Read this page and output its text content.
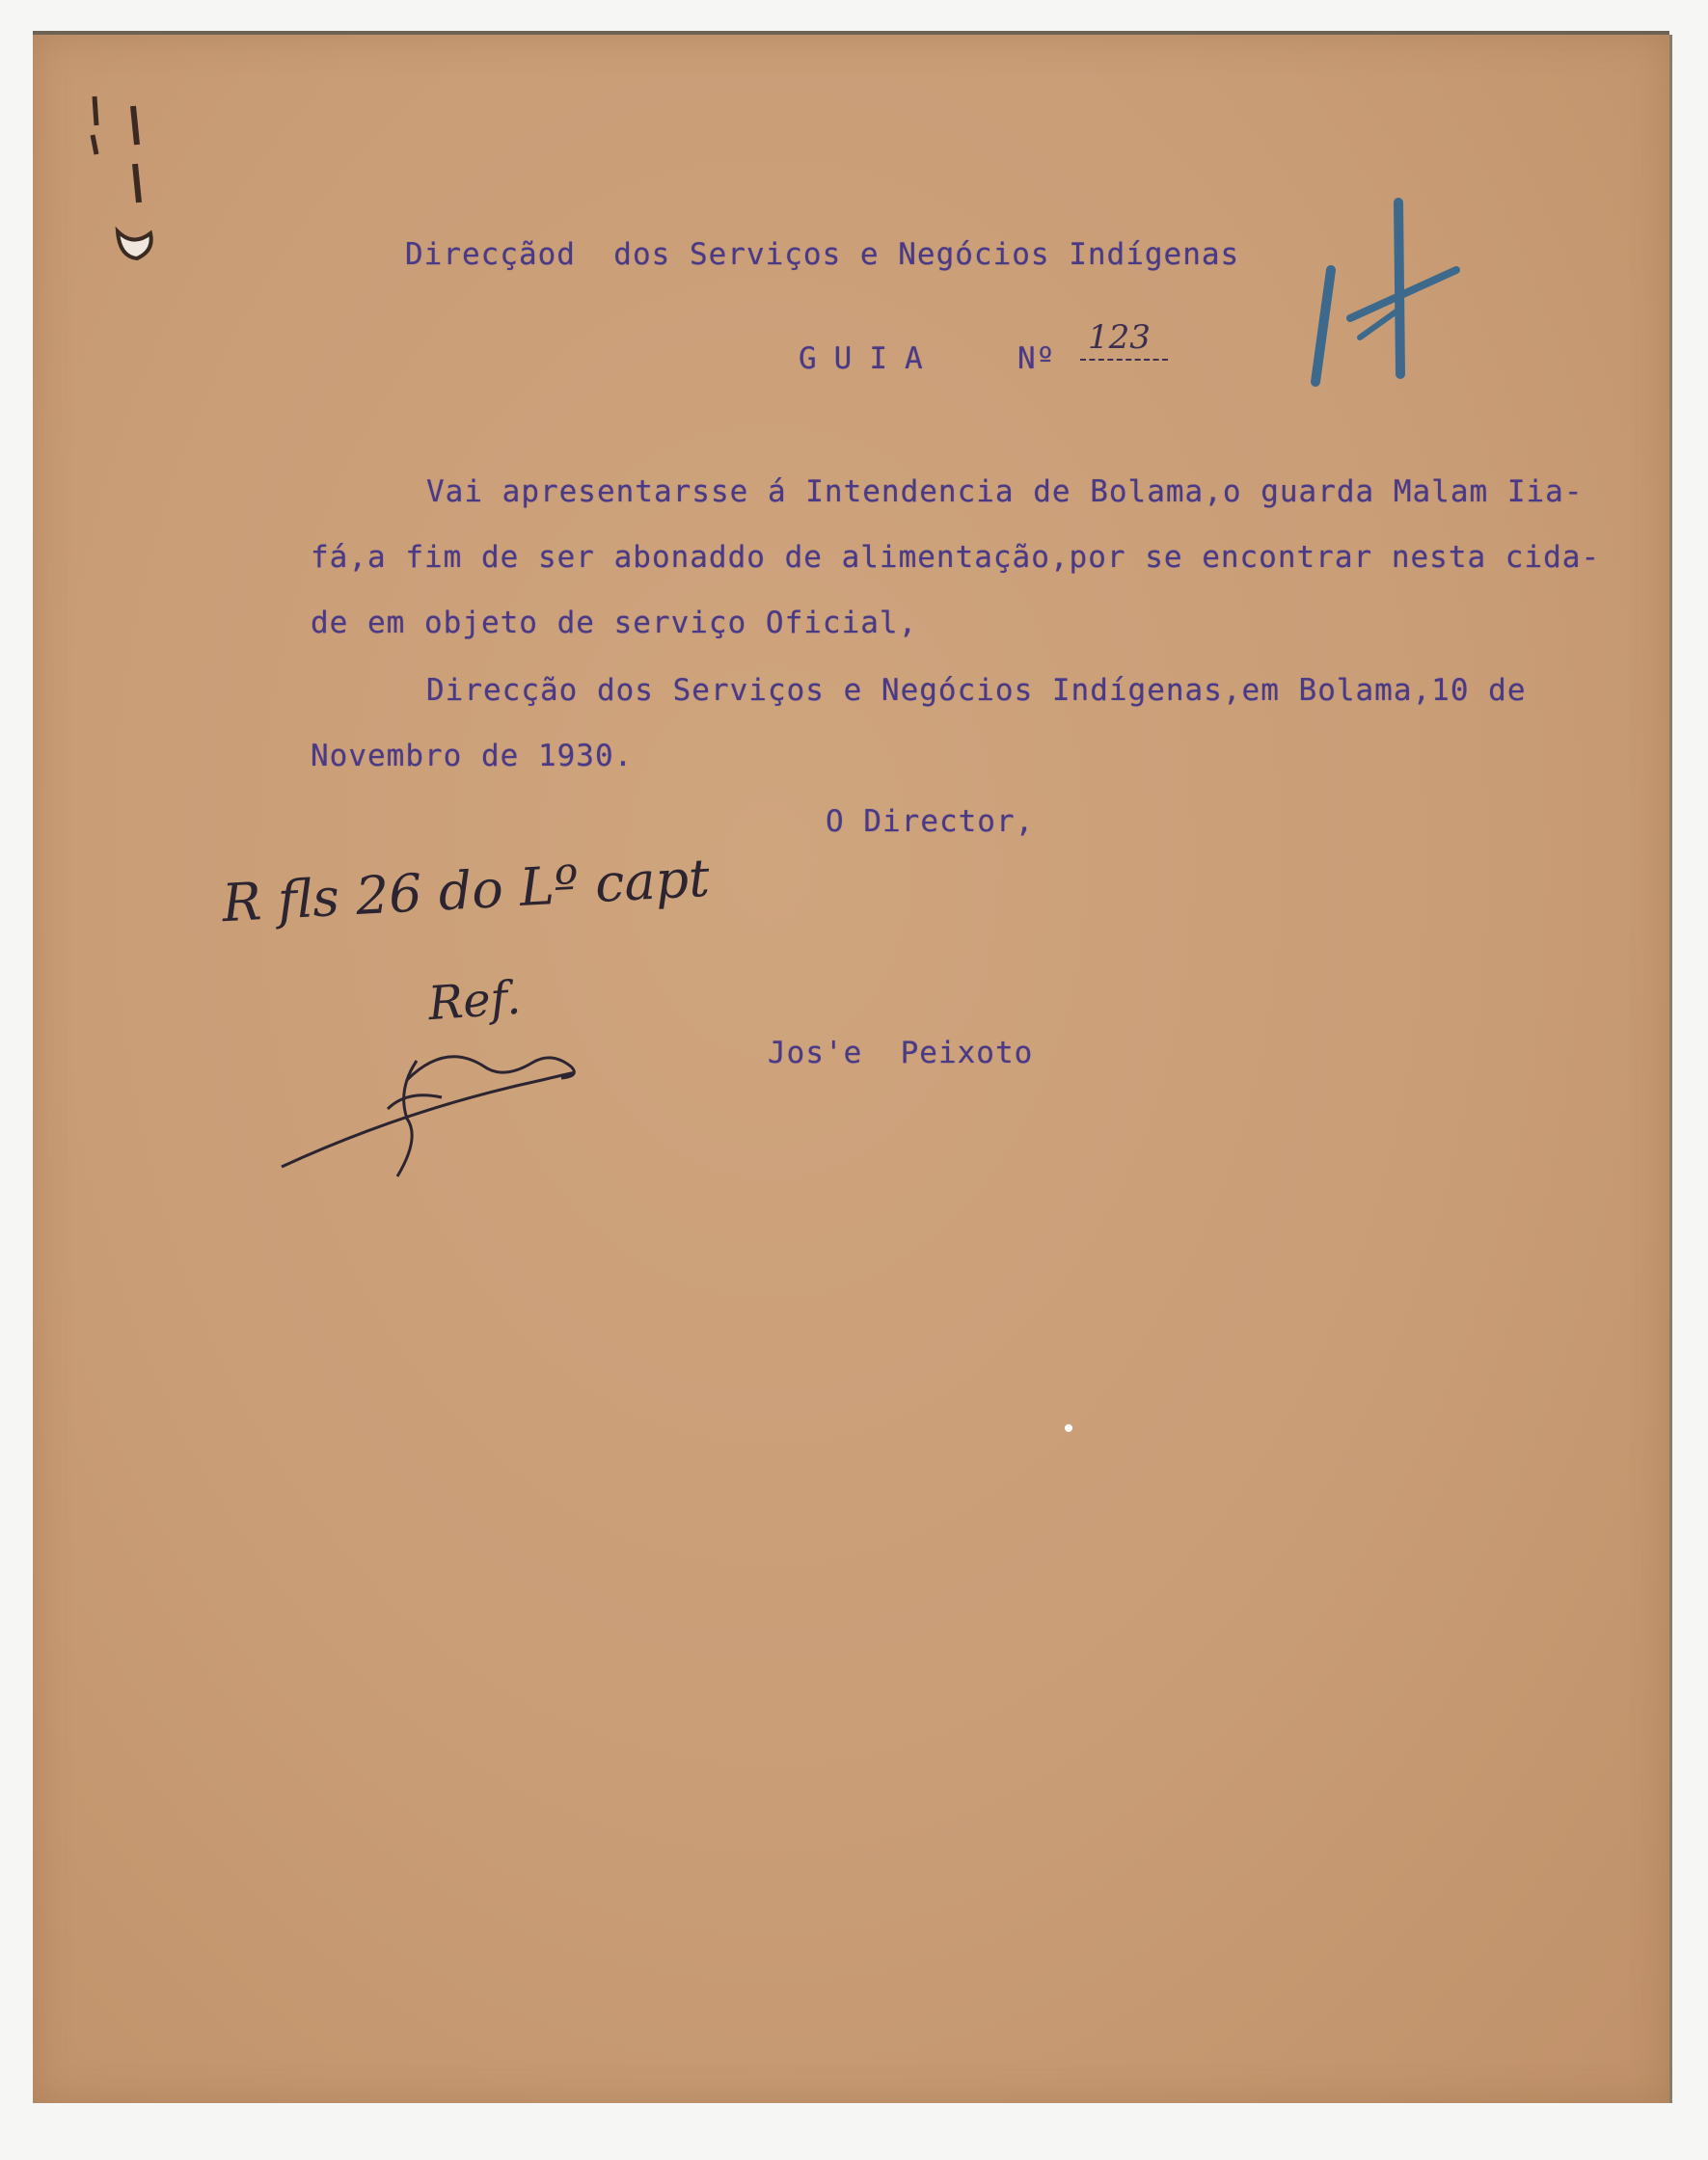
Direcçãod  dos Serviços e Negócios Indígenas
GUIA	Nº
123
Vai apresentarsse á Intendencia de Bolama,o guarda Malam Iia-
fá,a fim de ser abonaddo de alimentação,por se encontrar nesta cida-
de em objeto de serviço Oficial,
Direcção dos Serviços e Negócios Indígenas,em Bolama,10 de
Novembro de 1930.
O Director,
Jos'e  Peixoto
R fls 26 do Lº capt
Ref.
